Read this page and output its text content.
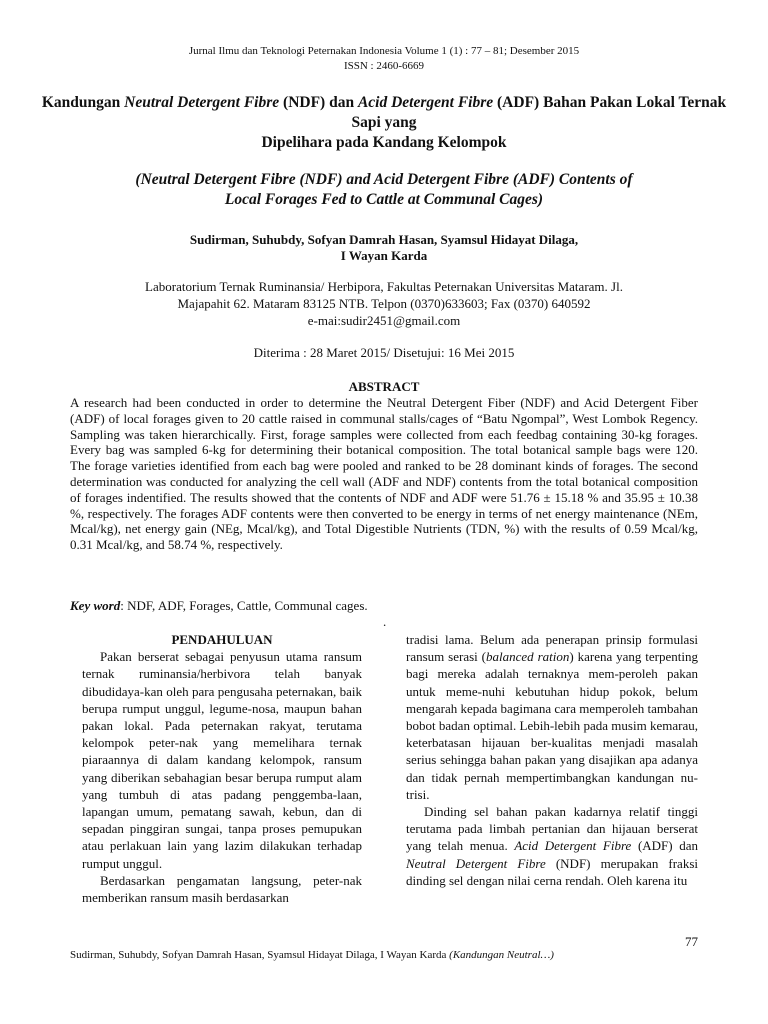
Jurnal Ilmu dan Teknologi Peternakan Indonesia Volume 1 (1) : 77 – 81; Desember 2015
ISSN : 2460-6669
Kandungan Neutral Detergent Fibre (NDF) dan Acid Detergent Fibre (ADF) Bahan Pakan Lokal Ternak Sapi yang
Dipelihara pada Kandang Kelompok
(Neutral Detergent Fibre (NDF) and Acid Detergent Fibre (ADF) Contents of
Local Forages Fed to Cattle at Communal Cages)
Sudirman, Suhubdy, Sofyan Damrah Hasan, Syamsul Hidayat Dilaga,
I Wayan Karda
Laboratorium Ternak Ruminansia/ Herbipora, Fakultas Peternakan Universitas Mataram. Jl.
Majapahit 62. Mataram 83125 NTB. Telpon (0370)633603; Fax (0370) 640592
e-mai:sudir2451@gmail.com
Diterima : 28 Maret 2015/ Disetujui: 16 Mei 2015
ABSTRACT

A research had been conducted in order to determine the Neutral Detergent Fiber (NDF) and Acid Detergent Fiber (ADF) of local forages given to 20 cattle raised in communal stalls/cages of “Batu Ngompal”, West Lombok Regency. Sampling was taken hierarchically. First, forage samples were collected from each feedbag containing 30-kg forages. Every bag was sampled 6-kg for determining their botanical composition. The total botanical sample bags were 120. The forage varieties identified from each bag were pooled and ranked to be 28 dominant kinds of forages. The second determination was conducted for analyzing the cell wall (ADF and NDF) contents from the total botanical composition of forages indentified. The results showed that the contents of NDF and ADF were 51.76 ± 15.18 % and 35.95 ± 10.38 %, respectively. The forages ADF contents were then converted to be energy in terms of net energy maintenance (NEm, Mcal/kg), net energy gain (NEg, Mcal/kg), and Total Digestible Nutrients (TDN, %) with the results of 0.59 Mcal/kg, 0.31 Mcal/kg, and 58.74 %, respectively.

Key word: NDF, ADF, Forages, Cattle, Communal cages.
.

PENDAHULUAN

Pakan berserat sebagai penyusun utama ransum ternak ruminansia/herbivora telah banyak dibudidaya-kan oleh para pengusaha peternakan, baik berupa rumput unggul, legume-nosa, maupun bahan pakan lokal. Pada peternakan rakyat, terutama kelompok peter-nak yang memelihara ternak piaraannya di dalam kandang kelompok, ransum yang diberikan sebahagian besar berupa rumput alam yang tumbuh di atas padang penggemba-laan, lapangan umum, pematang sawah, kebun, dan di sepadan pinggiran sungai, tanpa proses pemupukan atau perlakuan lain yang lazim dilakukan terhadap rumput unggul.

Berdasarkan pengamatan langsung, peter-nak memberikan ransum masih berdasarkan

tradisi lama. Belum ada penerapan prinsip formulasi ransum serasi (balanced ration) karena yang terpenting bagi mereka adalah ternaknya mem-peroleh pakan untuk meme-nuhi kebutuhan hidup pokok, belum mengarah kepada bagimana cara memperoleh tambahan bobot badan optimal. Lebih-lebih pada musim kemarau, keterbatasan hijauan ber-kualitas menjadi masalah serius sehingga bahan pakan yang disajikan apa adanya dan tidak pernah mempertimbangkan kandungan nu-trisi.

Dinding sel bahan pakan kadarnya relatif tinggi terutama pada limbah pertanian dan hijauan berserat yang telah menua. Acid Detergent Fibre (ADF) dan Neutral Detergent Fibre (NDF) merupakan fraksi dinding sel dengan nilai cerna rendah. Oleh karena itu

77
Sudirman, Suhubdy, Sofyan Damrah Hasan, Syamsul Hidayat Dilaga, I Wayan Karda (Kandungan Neutral…)
